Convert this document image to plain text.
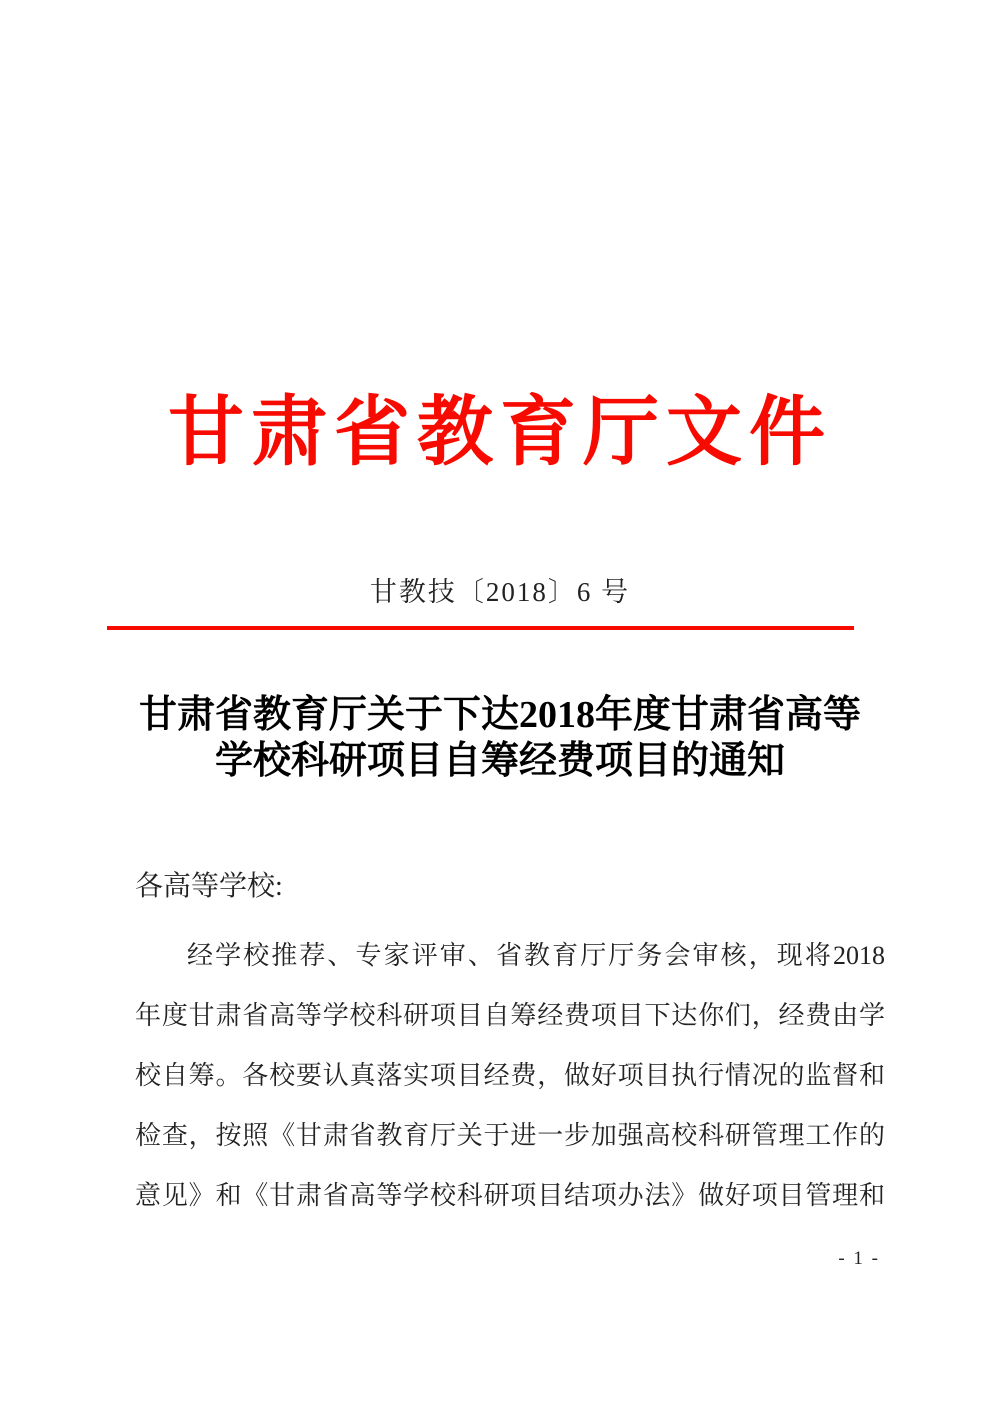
甘肃省教育厅文件
甘教技〔2018〕6 号
甘肃省教育厅关于下达2018年度甘肃省高等
学校科研项目自筹经费项目的通知
各高等学校:
经学校推荐、专家评审、省教育厅厅务会审核，现将2018
年度甘肃省高等学校科研项目自筹经费项目下达你们，经费由学
校自筹。各校要认真落实项目经费，做好项目执行情况的监督和
检查，按照《甘肃省教育厅关于进一步加强高校科研管理工作的
意见》和《甘肃省高等学校科研项目结项办法》做好项目管理和
- 1 -
